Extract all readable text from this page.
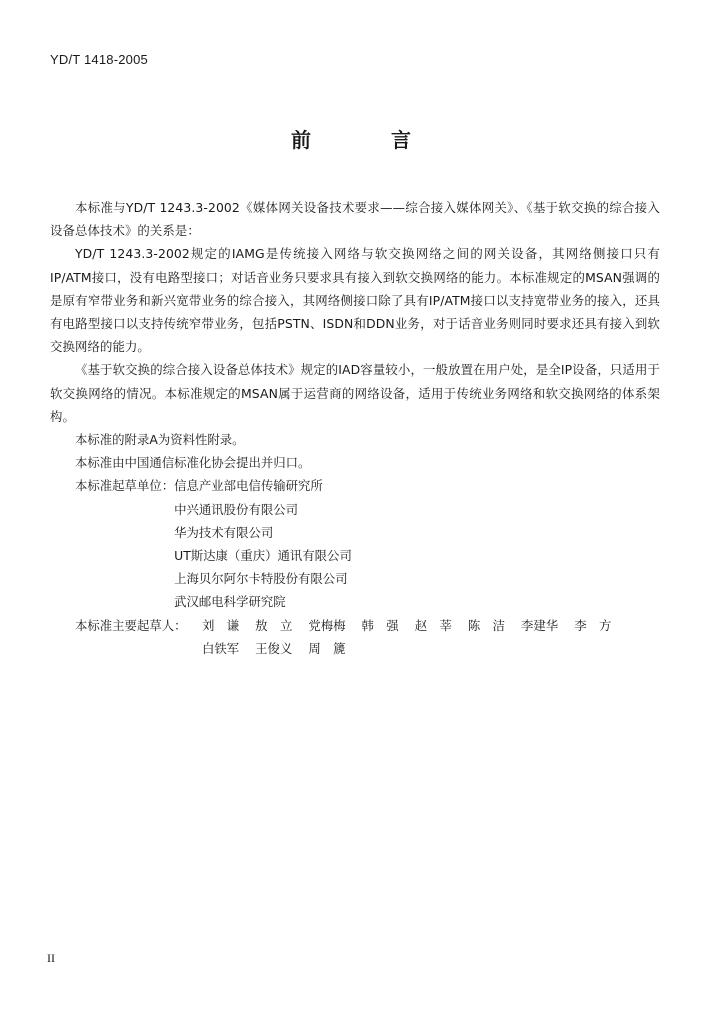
YD/T 1418-2005
前　言

本标准与YD/T 1243.3-2002《媒体网关设备技术要求——综合接入媒体网关》、《基于软交换的综合接入设备总体技术》的关系是：

YD/T 1243.3-2002规定的IAMG是传统接入网络与软交换网络之间的网关设备，其网络侧接口只有IP/ATM接口，没有电路型接口；对话音业务只要求具有接入到软交换网络的能力。本标准规定的MSAN强调的是原有窄带业务和新兴宽带业务的综合接入，其网络侧接口除了具有IP/ATM接口以支持宽带业务的接入，还具有电路型接口以支持传统窄带业务，包括PSTN、ISDN和DDN业务，对于话音业务则同时要求还具有接入到软交换网络的能力。

《基于软交换的综合接入设备总体技术》规定的IAD容量较小，一般放置在用户处，是全IP设备，只适用于软交换网络的情况。本标准规定的MSAN属于运营商的网络设备，适用于传统业务网络和软交换网络的体系架构。

本标准的附录A为资料性附录。

本标准由中国通信标准化协会提出并归口。

本标准起草单位： 信息产业部电信传输研究所
中兴通讯股份有限公司
华为技术有限公司
UT斯达康（重庆）通讯有限公司
上海贝尔阿尔卡特股份有限公司
武汉邮电科学研究院
本标准主要起草人：	刘　谦 敖　立 党梅梅 韩　强 赵　莘 陈　洁 李建华 李　方
白铁军 王俊义 周　篪
II
